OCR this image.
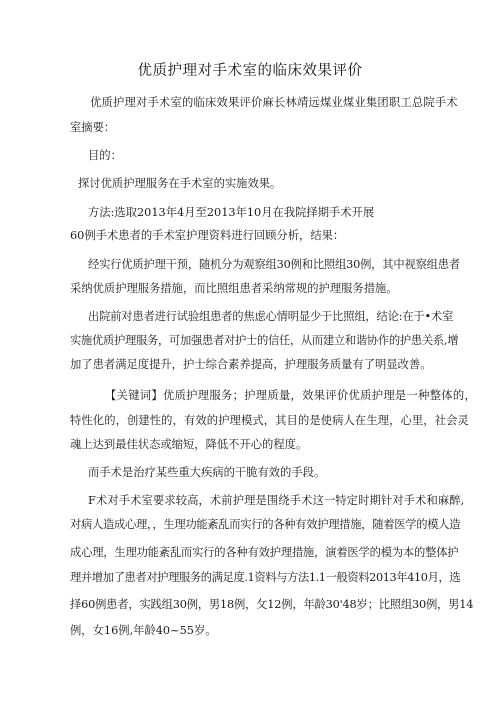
优质护理对手术室的临床效果评价
优质护理对手术室的临床效果评价麻长林靖远煤业煤业集团职工总院手术
室摘要：
目的：
探讨优质护理服务在手术室的实施效果。
方法:选取2013年4月至2013年10月在我院择期手术开展
60例手术患者的手术室护理资料进行回顾分析，结果：
经实行优质护理干预，随机分为观察组30例和比照组30例，其中视察组患者
采纳优质护理服务措施，而比照组患者采纳常规的护理服务措施。
出院前对患者进行试验组患者的焦虑心情明显少于比照组，结论:在于•术室
实施优质护理服务，可加强患者对护士的信任，从而建立和谐协作的护患关系,增
加了患者满足度提升，护士综合素养提高，护理服务质量有了明显改善。
【关键词】优质护理服务；护理质量，效果评价优质护理是一种整体的，
特性化的，创建性的，有效的护理模式，其目的是使病人在生理，心里，社会灵
魂上达到最佳状态或缩短，降低不开心的程度。
而手术是治疗某些重大疾病的干脆有效的手段。
F术对手术室要求较高，术前护理是围绕手术这一特定时期针对手术和麻醉,
对病人造成心理，，生理功能紊乱而实行的各种有效护理措施，随着医学的模人造
成心理，生理功能紊乱而实行的各种有效护理措施，演着医学的模为本的整体护
理并增加了患者对护理服务的满足度.1资料与方法1.1一般资料2013年410月，选
择60例患者，实践组30例，男18例，攵12例，年龄30'48岁；比照组30例，男14
例，女16例,年龄40~55岁。
